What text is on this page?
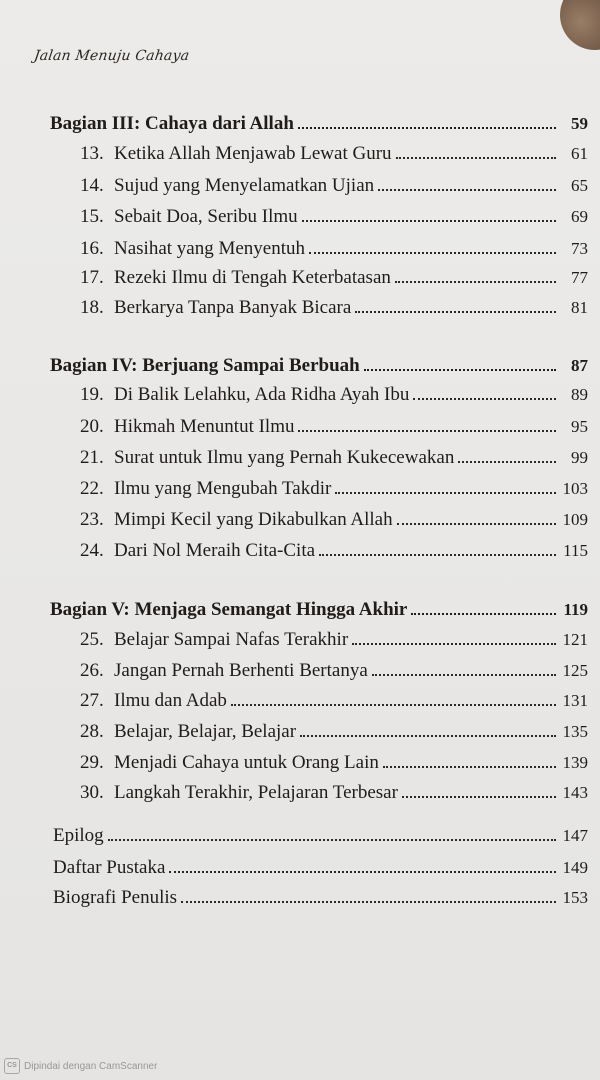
Jalan Menuju Cahaya
Bagian III: Cahaya dari Allah	59
13. Ketika Allah Menjawab Lewat Guru	61
14. Sujud yang Menyelamatkan Ujian	65
15. Sebait Doa, Seribu Ilmu	69
16. Nasihat yang Menyentuh	73
17. Rezeki Ilmu di Tengah Keterbatasan	77
18. Berkarya Tanpa Banyak Bicara	81
Bagian IV: Berjuang Sampai Berbuah	87
19. Di Balik Lelahku, Ada Ridha Ayah Ibu	89
20. Hikmah Menuntut Ilmu	95
21. Surat untuk Ilmu yang Pernah Kukecewakan	99
22. Ilmu yang Mengubah Takdir	103
23. Mimpi Kecil yang Dikabulkan Allah	109
24. Dari Nol Meraih Cita-Cita	115
Bagian V: Menjaga Semangat Hingga Akhir	119
25. Belajar Sampai Nafas Terakhir	121
26. Jangan Pernah Berhenti Bertanya	125
27. Ilmu dan Adab	131
28. Belajar, Belajar, Belajar	135
29. Menjadi Cahaya untuk Orang Lain	139
30. Langkah Terakhir, Pelajaran Terbesar	143
Epilog	147
Daftar Pustaka	149
Biografi Penulis	153
CS Dipindai dengan CamScanner
